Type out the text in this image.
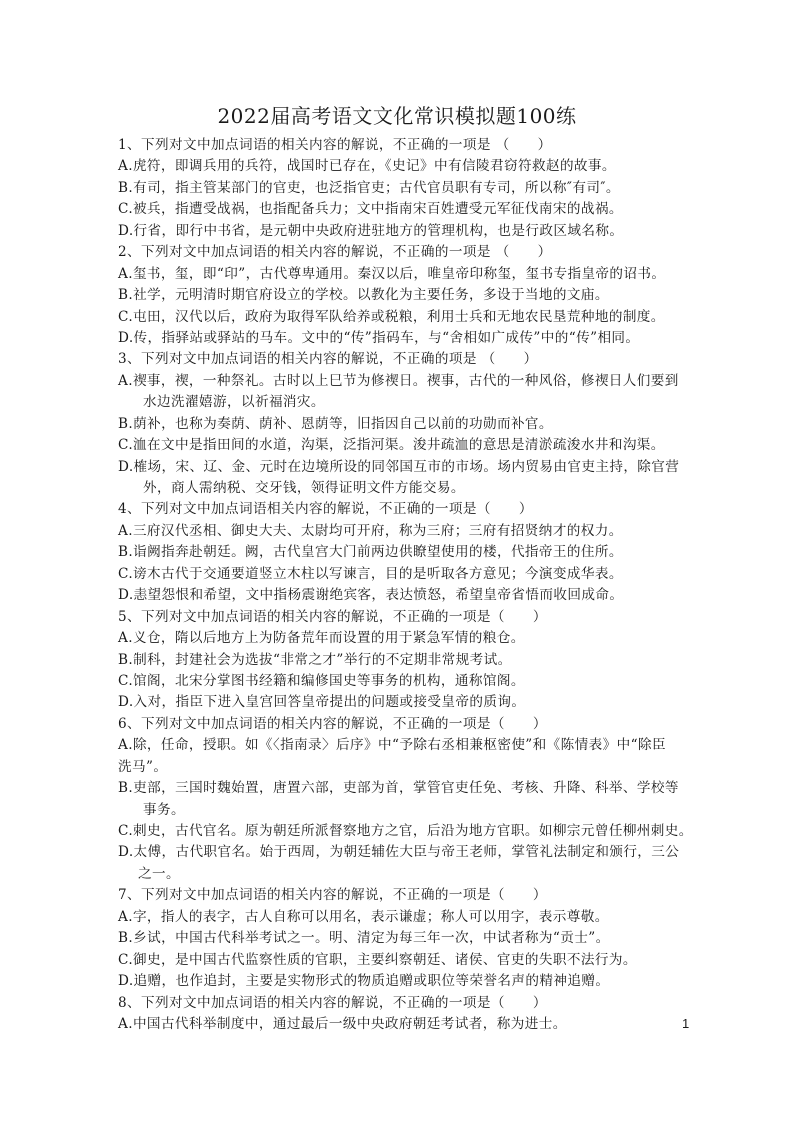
2022届高考语文文化常识模拟题100练
1、下列对文中加点词语的相关内容的解说，不正确的一项是 （　　）
A.虎符，即调兵用的兵符，战国时已存在，《史记》中有信陵君窃符救赵的故事。
B.有司，指主管某部门的官吏，也泛指官吏；古代官员职有专司，所以称″有司″。
C.被兵，指遭受战祸，也指配备兵力；文中指南宋百姓遭受元军征伐南宋的战祸。
D.行省，即行中书省，是元朝中央政府进驻地方的管理机构，也是行政区域名称。
2、下列对文中加点词语的相关内容的解说，不正确的一项是 （　　）
A.玺书，玺，即“印”，古代尊卑通用。秦汉以后，唯皇帝印称玺，玺书专指皇帝的诏书。
B.社学，元明清时期官府设立的学校。以教化为主要任务，多设于当地的文庙。
C.屯田，汉代以后，政府为取得军队给养或税粮，利用士兵和无地农民垦荒种地的制度。
D.传，指驿站或驿站的马车。文中的“传”指码车，与“舍相如广成传”中的“传”相同。
3、下列对文中加点词语的相关内容的解说，不正确的项是 （　　）
A.禊事，禊，一种祭礼。古时以上巳节为修禊日。禊事，古代的一种风俗，修禊日人们要到
水边洗濯嬉游，以祈福消灾。
B.荫补，也称为奏荫、荫补、恩荫等，旧指因自己以前的功勋而补官。
C.洫在文中是指田间的水道，沟渠，泛指河渠。浚井疏洫的意思是清淤疏浚水井和沟渠。
D.榷场，宋、辽、金、元时在边境所设的同邻国互市的市场。场内贸易由官吏主持，除官营
外，商人需纳税、交牙钱，领得证明文件方能交易。
4、下列对文中加点词语相关内容的解说，不正确的一项是（　　）
A.三府汉代丞相、御史大夫、太尉均可开府，称为三府；三府有招贤纳才的权力。
B.诣阙指奔赴朝廷。阙，古代皇宫大门前两边供瞭望使用的楼，代指帝王的住所。
C.谤木古代于交通要道竖立木柱以写谏言，目的是听取各方意见；今演变成华表。
D.恚望怨恨和希望，文中指杨震谢绝宾客，表达愤怒，希望皇帝省悟而收回成命。
5、下列对文中加点词语的相关内容的解说，不正确的一项是（　　）
A.义仓，隋以后地方上为防备荒年而设置的用于紧急军情的粮仓。
B.制科，封建社会为选拔“非常之才”举行的不定期非常规考试。
C.馆阁，北宋分掌图书经籍和编修国史等事务的机构，通称馆阁。
D.入对，指臣下进入皇宫回答皇帝提出的问题或接受皇帝的质询。
6、下列对文中加点词语的相关内容的解说，不正确的一项是（　　）
A.除，任命，授职。如《〈指南录〉后序》中“予除右丞相兼枢密使”和《陈情表》中“除臣
洗马”。
B.吏部，三国时魏始置，唐置六部，吏部为首，掌管官吏任免、考核、升降、科举、学校等
事务。
C.刺史，古代官名。原为朝廷所派督察地方之官，后沿为地方官职。如柳宗元曾任柳州刺史。
D.太傅，古代职官名。始于西周，为朝廷辅佐大臣与帝王老师，掌管礼法制定和颁行，三公
之一。
7、下列对文中加点词语的相关内容的解说，不正确的一项是（　　）
A.字，指人的表字，古人自称可以用名，表示谦虚；称人可以用字，表示尊敬。
B.乡试，中国古代科举考试之一。明、清定为每三年一次，中试者称为“贡士”。
C.御史，是中国古代监察性质的官职，主要纠察朝廷、诸侯、官吏的失职不法行为。
D.追赠，也作追封，主要是实物形式的物质追赠或职位等荣誉名声的精神追赠。
8、下列对文中加点词语的相关内容的解说，不正确的一项是（　　）
A.中国古代科举制度中，通过最后一级中央政府朝廷考试者，称为进士。	1
